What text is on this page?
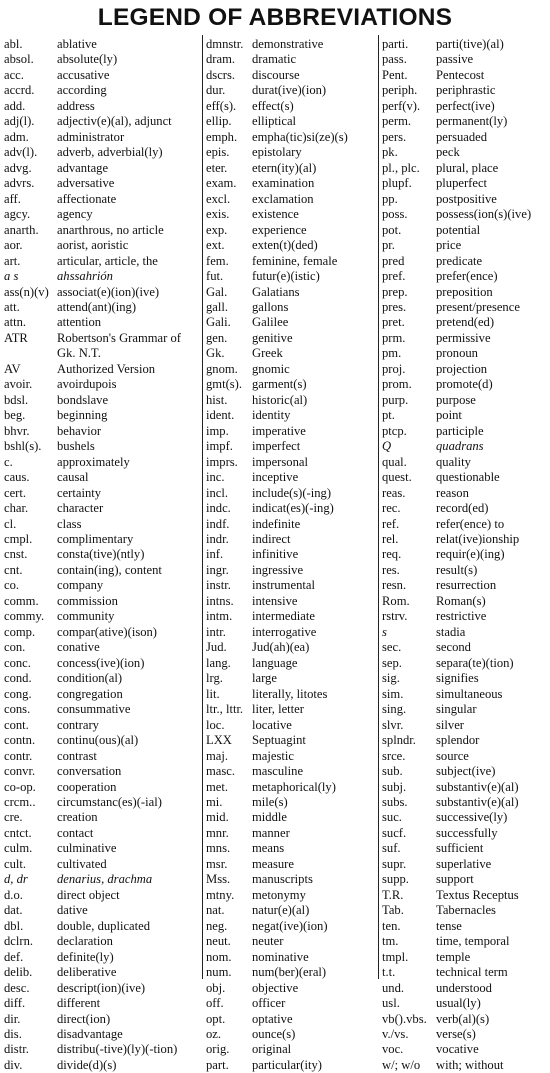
LEGEND OF ABBREVIATIONS
abl.	ablative
absol. absolute(ly)
acc.	accusative
accrd. according
add.	address
adj(l). adjectiv(e)(al), adjunct
adm. administrator
adv(l). adverb, adverbial(ly)
advg. advantage
advrs. adversative
aff.	affectionate
agcy. agency
anarth. anarthrous, no article
aor.	aorist, aoristic
art.	articular, article, the
a s	ahssahrión
ass(n)(v) associat(e)(ion)(ive)
att.	attend(ant)(ing)
attn. attention
ATR Robertson's Grammar of
Gk. N.T.
AV	Authorized Version
avoir. avoirdupois
bdsl. bondslave
beg.	beginning
bhvr. behavior
bshl(s). bushels
c.	approximately
caus. causal
cert. certainty
char. character
cl.	class
cmpl. complimentary
cnst. consta(tive)(ntly)
cnt.	contain(ing), content
co.	company
comm. commission
commy. community
comp. compar(ative)(ison)
con.	conative
conc. concess(ive)(ion)
cond. condition(al)
cong. congregation
cons. consummative
cont. contrary
contn. continu(ous)(al)
contr. contrast
convr. conversation
co-op. cooperation
crcm.. circumstanc(es)(-ial)
cre.	creation
cntct. contact
culm. culminative
cult. cultivated
d, dr denarius, drachma
d.o.	direct object
dat.	dative
dbl.	double, duplicated
dclrn. declaration
def.	definite(ly)
delib. deliberative
desc. descript(ion)(ive)
diff.	different
dir.	direct(ion)
dis.	disadvantage
distr. distribu(-tive)(ly)(-tion)
div.	divide(d)(s)
dmnstr. demonstrative
dram. dramatic
dscrs. discourse
dur. durat(ive)(ion)
eff(s). effect(s)
ellip. elliptical
emph. empha(tic)si(ze)(s)
epis. epistolary
eter. etern(ity)(al)
exam. examination
excl. exclamation
exis. existence
exp. experience
ext. exten(t)(ded)
fem. feminine, female
fut. futur(e)(istic)
Gal. Galatians
gall. gallons
Gali. Galilee
gen. genitive
Gk. Greek
gnom. gnomic
gmt(s). garment(s)
hist. historic(al)
ident. identity
imp. imperative
impf. imperfect
imprs. impersonal
inc. inceptive
incl. include(s)(-ing)
indc. indicat(es)(-ing)
indf. indefinite
indr. indirect
inf. infinitive
ingr. ingressive
instr. instrumental
intns. intensive
intm. intermediate
intr. interrogative
Jud. Jud(ah)(ea)
lang. language
lrg. large
lit.	literally, litotes
ltr., lttr. liter, letter
loc. locative
LXX Septuagint
maj. majestic
masc. masculine
met. metaphorical(ly)
mi. mile(s)
mid. middle
mnr. manner
mns. means
msr. measure
Mss. manuscripts
mtny. metonymy
nat. natur(e)(al)
neg. negat(ive)(ion)
neut. neuter
nom. nominative
num. num(ber)(eral)
obj. objective
off. officer
opt. optative
oz. ounce(s)
orig. original
part. particular(ity)
parti. parti(tive)(al)
pass. passive
Pent. Pentecost
periph. periphrastic
perf(v). perfect(ive)
perm. permanent(ly)
pers. persuaded
pk.	peck
pl., plc. plural, place
plupf. pluperfect
pp.	postpositive
poss. possess(ion(s)(ive)
pot.	potential
pr.	price
pred	predicate
pref. prefer(ence)
prep. preposition
pres. present/presence
pret. pretend(ed)
prm. permissive
pm.	pronoun
proj. projection
prom. promote(d)
purp. purpose
pt.	point
ptcp. participle
Q	quadrans
qual. quality
quest. questionable
reas. reason
rec.	record(ed)
ref.	refer(ence) to
rel.	relat(ive)ionship
req.	requir(e)(ing)
res.	result(s)
resn. resurrection
Rom. Roman(s)
rstrv. restrictive
s	stadia
sec.	second
sep.	separa(te)(tion)
sig.	signifies
sim.	simultaneous
sing. singular
slvr.	silver
splndr. splendor
srce. source
sub.	subject(ive)
subj. substantiv(e)(al)
subs. substantiv(e)(al)
suc.	successive(ly)
sucf. successfully
suf.	sufficient
supr. superlative
supp. support
T.R.	Textus Receptus
Tab.	Tabernacles
ten.	tense
tm.	time, temporal
tmpl. temple
t.t.	technical term
und.	understood
usl.	usual(ly)
vb().vbs. verb(al)(s)
v./vs. verse(s)
voc.	vocative
w/; w/o with; without
